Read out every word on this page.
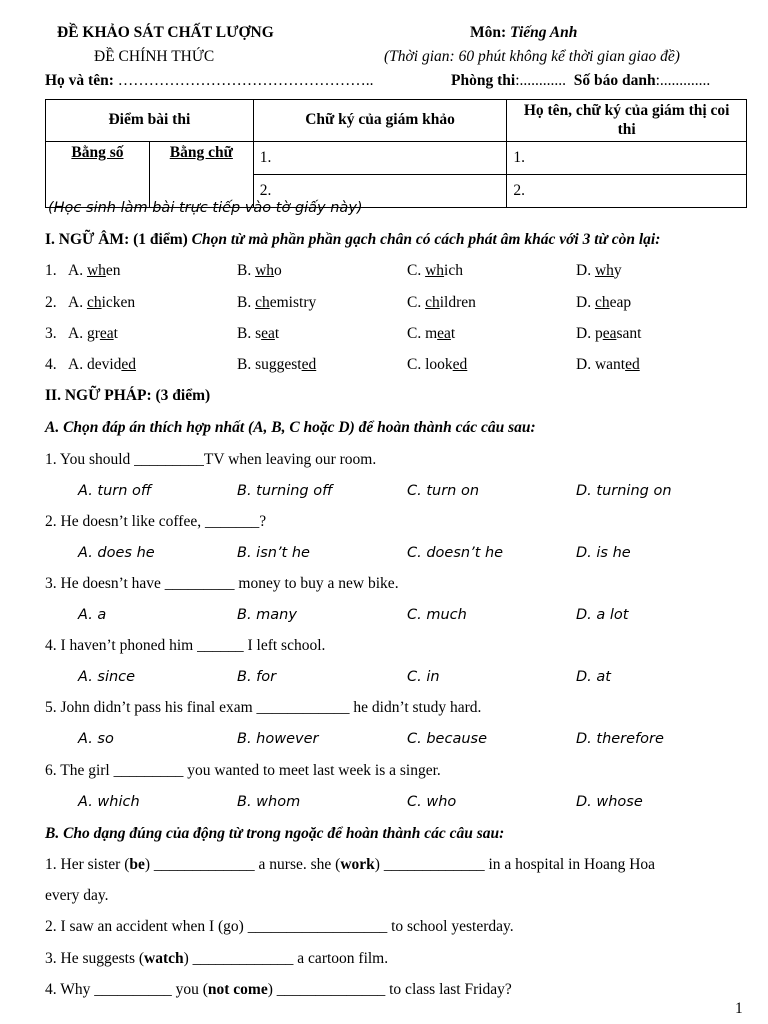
ĐỀ KHẢO SÁT CHẤT LƯỢNG	Môn: Tiếng Anh
ĐỀ CHÍNH THỨC	(Thời gian: 60 phút không kể thời gian giao đề)
Họ và tên: …………………………………………..	Phòng thi:............ Số báo danh:.............
Điểm bài thi		Chữ ký của giám khảo	Họ tên, chữ ký của giám thị coi thi
Bằng số	Bằng chữ	1.	1.
		2.	2.
(Học sinh làm bài trực tiếp vào tờ giấy này)
I. NGỮ ÂM: (1 điểm) Chọn từ mà phần phần gạch chân có cách phát âm khác với 3 từ còn lại:
1. A. when	B. who	C. which	D. why
2. A. chicken	B. chemistry	C. children	D. cheap
3. A. great	B. seat	C. meat	D. peasant
4. A. devided	B. suggested	C. looked	D. wanted
II. NGỮ PHÁP: (3 điểm)
A. Chọn đáp án thích hợp nhất (A, B, C hoặc D) để hoàn thành các câu sau:
1. You should _________TV when leaving our room.
A. turn off	B. turning off	C. turn on	D. turning on
2. He doesn’t like coffee, _______?
A. does he	B. isn’t he	C. doesn’t he	D. is he
3. He doesn’t have _________ money to buy a new bike.
A. a	B. many	C. much	D. a lot
4. I haven’t phoned him ______ I left school.
A. since	B. for	C. in	D. at
5. John didn’t pass his final exam ____________ he didn’t study hard.
A. so	B. however	C. because	D. therefore
6. The girl _________ you wanted to meet last week is a singer.
A. which	B. whom	C. who	D. whose
B. Cho dạng đúng của động từ trong ngoặc để hoàn thành các câu sau:
1. Her sister (be) _____________ a nurse. she (work) _____________ in a hospital in Hoang Hoa
every day.
2. I saw an accident when I (go) __________________ to school yesterday.
3. He suggests (watch) _____________ a cartoon film.
4. Why __________ you (not come) ______________ to class last Friday?
1
